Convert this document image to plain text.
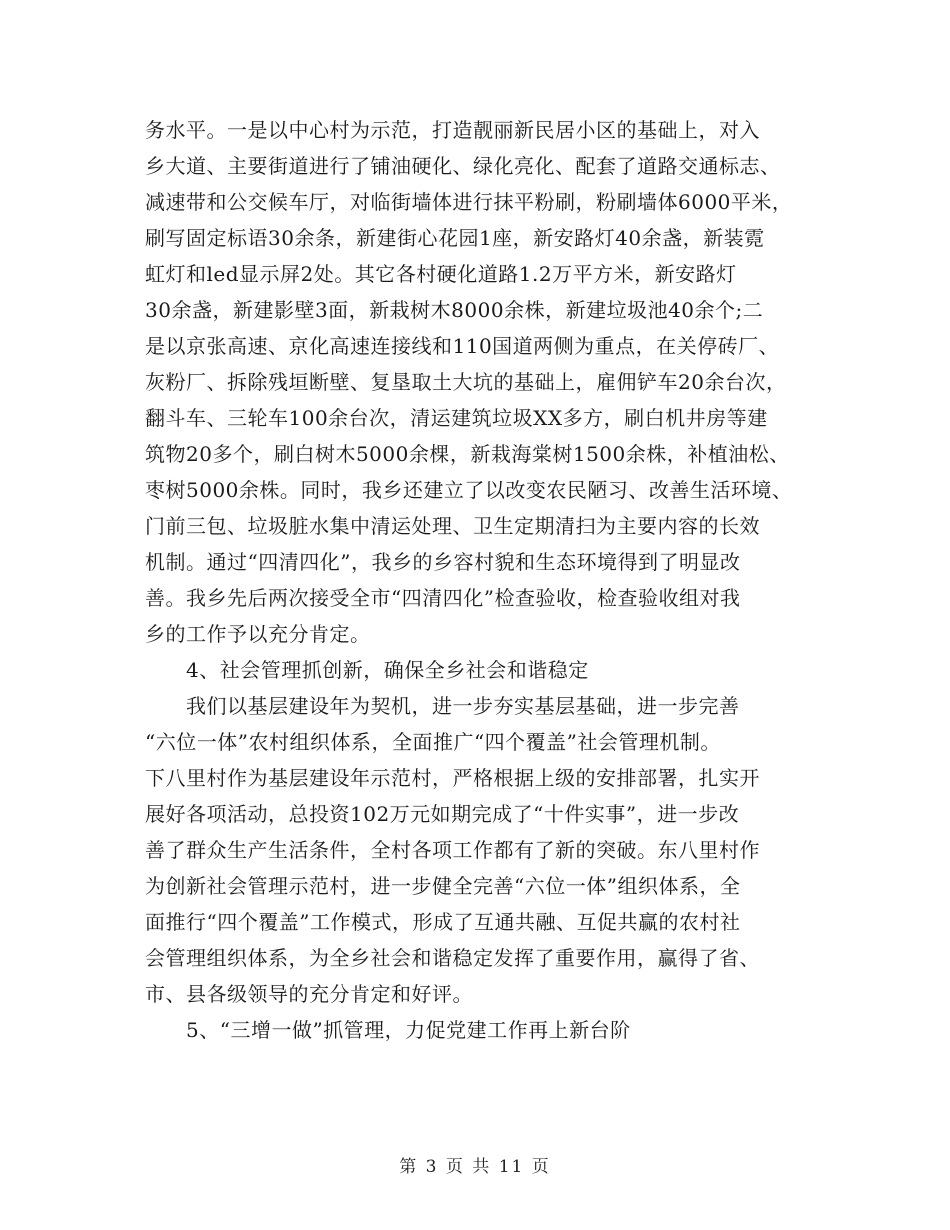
务水平。一是以中心村为示范，打造靓丽新民居小区的基础上，对入
乡大道、主要街道进行了铺油硬化、绿化亮化、配套了道路交通标志、
减速带和公交候车厅，对临街墙体进行抹平粉刷，粉刷墙体6000平米，
刷写固定标语30余条，新建街心花园1座，新安路灯40余盏，新装霓
虹灯和led显示屏2处。其它各村硬化道路1.2万平方米，新安路灯
30余盏，新建影壁3面，新栽树木8000余株，新建垃圾池40余个;二
是以京张高速、京化高速连接线和110国道两侧为重点，在关停砖厂、
灰粉厂、拆除残垣断壁、复垦取土大坑的基础上，雇佣铲车20余台次，
翻斗车、三轮车100余台次，清运建筑垃圾XX多方，刷白机井房等建
筑物20多个，刷白树木5000余棵，新栽海棠树1500余株，补植油松、
枣树5000余株。同时，我乡还建立了以改变农民陋习、改善生活环境、
门前三包、垃圾脏水集中清运处理、卫生定期清扫为主要内容的长效
机制。通过“四清四化”，我乡的乡容村貌和生态环境得到了明显改
善。我乡先后两次接受全市“四清四化”检查验收，检查验收组对我
乡的工作予以充分肯定。
4、社会管理抓创新，确保全乡社会和谐稳定
我们以基层建设年为契机，进一步夯实基层基础，进一步完善
“六位一体”农村组织体系，全面推广“四个覆盖”社会管理机制。
下八里村作为基层建设年示范村，严格根据上级的安排部署，扎实开
展好各项活动，总投资102万元如期完成了“十件实事”，进一步改
善了群众生产生活条件，全村各项工作都有了新的突破。东八里村作
为创新社会管理示范村，进一步健全完善“六位一体”组织体系，全
面推行“四个覆盖”工作模式，形成了互通共融、互促共赢的农村社
会管理组织体系，为全乡社会和谐稳定发挥了重要作用，赢得了省、
市、县各级领导的充分肯定和好评。
5、“三增一做”抓管理，力促党建工作再上新台阶
第 3 页 共 11 页
